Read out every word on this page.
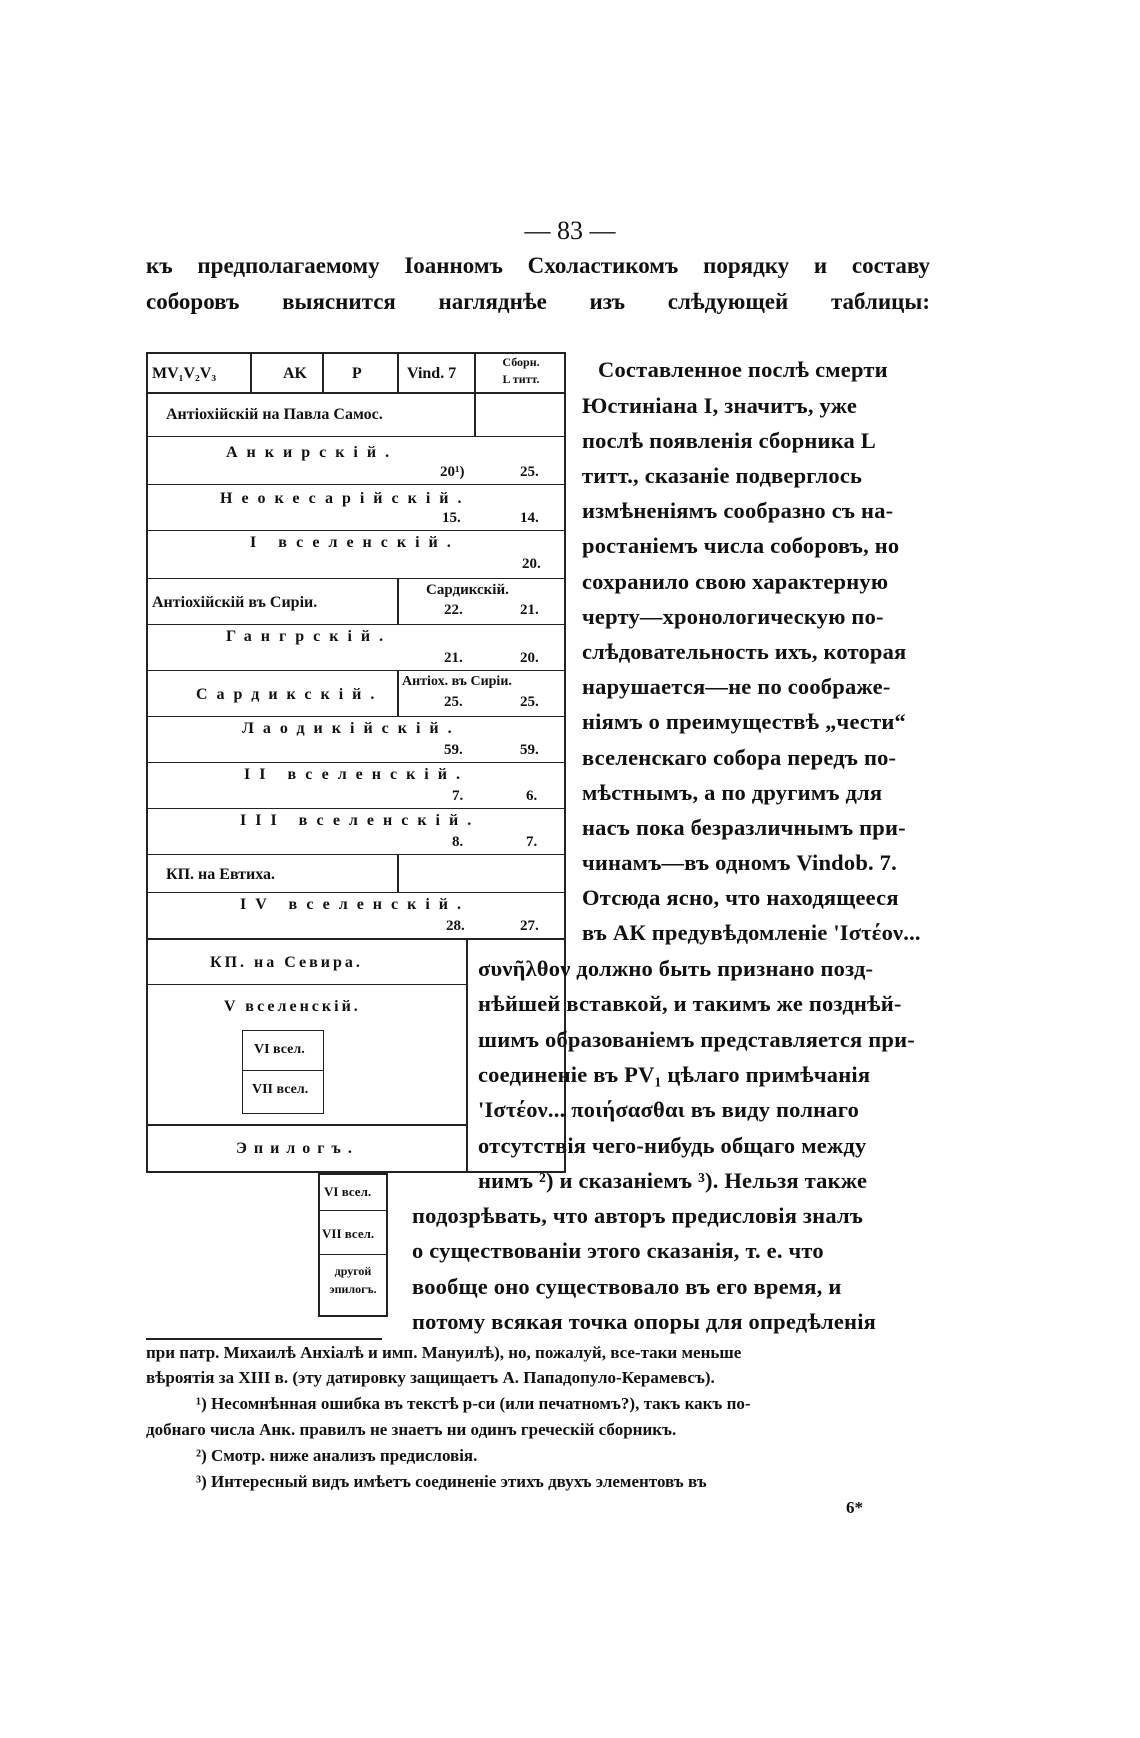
— 83 —
къ предполагаемому Іоанномъ Схоластикомъ порядку и составу
соборовъ выяснится нагляднѣе изъ слѣдующей таблицы:
MV₁V₂V₃	AK	P	Vind. 7
Сборн.
L титт.
Антіохійскій на Павла Самос.
Анкирскій.
20¹)	25.
Неокесарійскій.
15.	14.
I вселенскій.
20.
Антіохійскій въ Сиріи.
Сардикскій.
22.	21.
Гангрскій.
21.	20.
Сардикскій.
Антіох. въ Сиріи.
25.	25.
Лаодикійскій.
59.	59.
II вселенскій.
7.	6.
III вселенскій.
8.	7.
КП. на Евтиха.
IV вселенскій.
28.	27.
КП. на Севира.
V вселенскій.
VI всел.
VII всел.
Эпилогъ.
VI всел.
VII всел.
другой
эпилогъ.
Составленное послѣ смерти
Юстиніана I, значитъ, уже
послѣ появленія сборника L
титт., сказаніе подверглось
измѣненіямъ сообразно съ на-
ростаніемъ числа соборовъ, но
сохранило свою характерную
черту—хронологическую по-
слѣдовательность ихъ, которая
нарушается—не по соображе-
ніямъ о преимуществѣ „чести“
вселенскаго собора передъ по-
мѣстнымъ, а по другимъ для
насъ пока безразличнымъ при-
чинамъ—въ одномъ Vindob. 7.
Отсюда ясно, что находящееся
въ АК предувѣдомленіе 'Ιστέον...
συνῆλθον должно быть признано позд-
нѣйшей вставкой, и такимъ же позднѣй-
шимъ образованіемъ представляется при-
соединеніе въ PV₁ цѣлаго примѣчанія
'Ιστέον... ποιήσασθαι въ виду полнаго
отсутствія чего-нибудь общаго между
нимъ ²) и сказаніемъ ³). Нельзя также
подозрѣвать, что авторъ предисловія зналъ
о существованіи этого сказанія, т. е. что
вообще оно существовало въ его время, и
потому всякая точка опоры для опредѣленія
при патр. Михаилѣ Анхіалѣ и имп. Мануилѣ), но, пожалуй, все-таки меньше
вѣроятія за XIII в. (эту датировку защищаетъ А. Пападопуло-Керамевсъ).
¹) Несомнѣнная ошибка въ текстѣ р-си (или печатномъ?), такъ какъ по-
добнаго числа Анк. правилъ не знаетъ ни одинъ греческій сборникъ.
²) Смотр. ниже анализъ предисловія.
³) Интересный видъ имѣетъ соединеніе этихъ двухъ элементовъ въ
6*
